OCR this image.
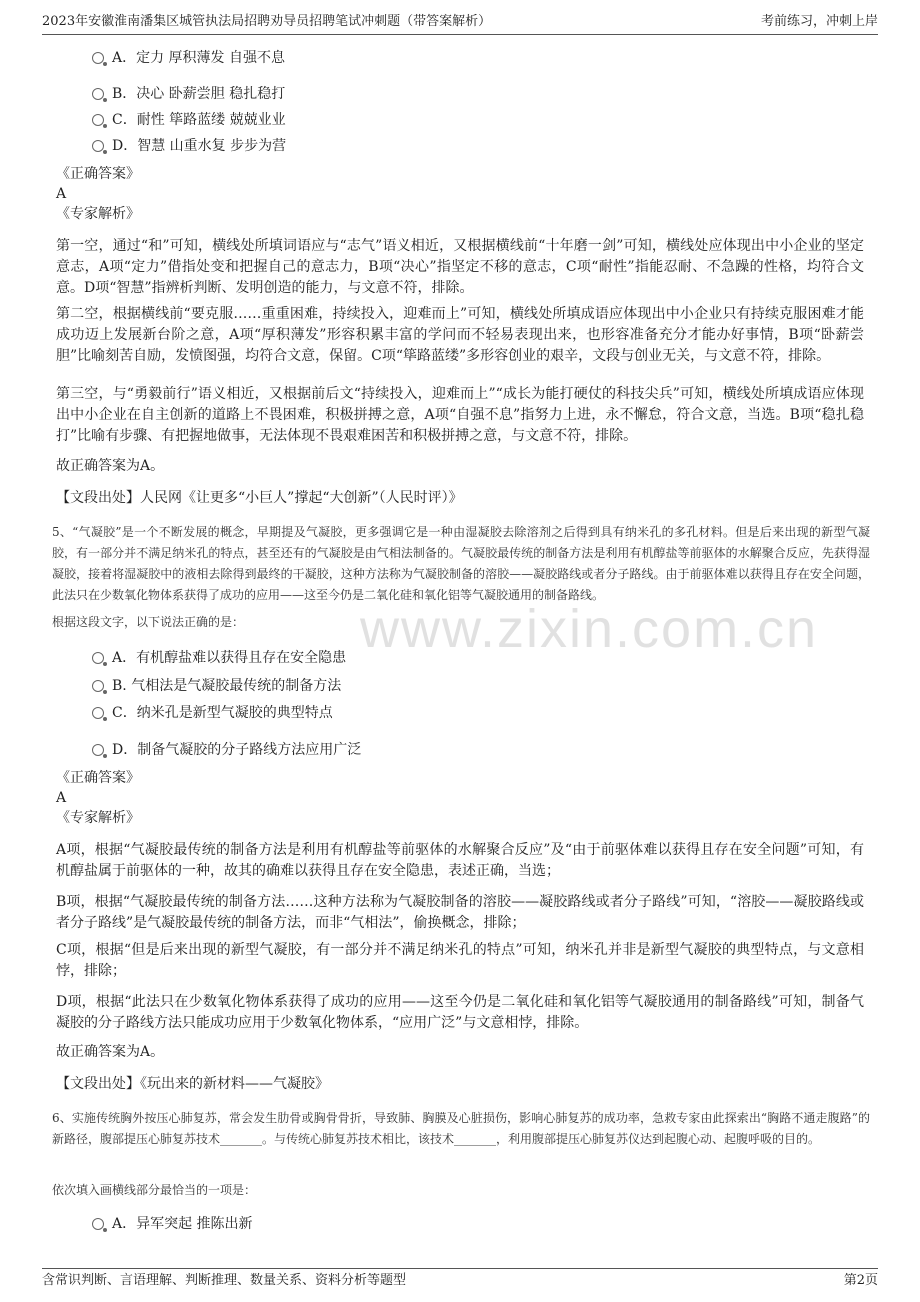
2023年安徽淮南潘集区城管执法局招聘劝导员招聘笔试冲刺题（带答案解析）	考前练习，冲刺上岸
www.zixin.com.cn
A．定力 厚积薄发 自强不息
B．决心 卧薪尝胆 稳扎稳打
C．耐性 筚路蓝缕 兢兢业业
D．智慧 山重水复 步步为营
《正确答案》
A
《专家解析》
第一空，通过“和”可知，横线处所填词语应与“志气”语义相近，又根据横线前“十年磨一剑”可知，横线处应体现出中小企业的坚定意志，A项“定力”借指处变和把握自己的意志力，B项“决心”指坚定不移的意志，C项“耐性”指能忍耐、不急躁的性格，均符合文意。D项“智慧”指辨析判断、发明创造的能力，与文意不符，排除。
第二空，根据横线前“要克服……重重困难，持续投入，迎难而上”可知，横线处所填成语应体现出中小企业只有持续克服困难才能成功迈上发展新台阶之意，A项“厚积薄发”形容积累丰富的学问而不轻易表现出来，也形容准备充分才能办好事情，B项“卧薪尝胆”比喻刻苦自励，发愤图强，均符合文意，保留。C项“筚路蓝缕”多形容创业的艰辛，文段与创业无关，与文意不符，排除。
第三空，与“勇毅前行”语义相近，又根据前后文“持续投入，迎难而上”“成长为能打硬仗的科技尖兵”可知，横线处所填成语应体现出中小企业在自主创新的道路上不畏困难，积极拼搏之意，A项“自强不息”指努力上进，永不懈怠，符合文意，当选。B项“稳扎稳打”比喻有步骤、有把握地做事，无法体现不畏艰难困苦和积极拼搏之意，与文意不符，排除。
故正确答案为A。
【文段出处】人民网《让更多“小巨人”撑起“大创新”（人民时评）》
5、“气凝胶”是一个不断发展的概念，早期提及气凝胶，更多强调它是一种由湿凝胶去除溶剂之后得到具有纳米孔的多孔材料。但是后来出现的新型气凝胶，有一部分并不满足纳米孔的特点，甚至还有的气凝胶是由气相法制备的。气凝胶最传统的制备方法是利用有机醇盐等前驱体的水解聚合反应，先获得湿凝胶，接着将湿凝胶中的液相去除得到最终的干凝胶，这种方法称为气凝胶制备的溶胶——凝胶路线或者分子路线。由于前驱体难以获得且存在安全问题，此法只在少数氧化物体系获得了成功的应用——这至今仍是二氧化硅和氧化铝等气凝胶通用的制备路线。
根据这段文字，以下说法正确的是：
A．有机醇盐难以获得且存在安全隐患
B. 气相法是气凝胶最传统的制备方法
C．纳米孔是新型气凝胶的典型特点
D．制备气凝胶的分子路线方法应用广泛
《正确答案》
A
《专家解析》
A项，根据“气凝胶最传统的制备方法是利用有机醇盐等前驱体的水解聚合反应”及“由于前驱体难以获得且存在安全问题”可知，有机醇盐属于前驱体的一种，故其的确难以获得且存在安全隐患，表述正确，当选；
B项，根据“气凝胶最传统的制备方法……这种方法称为气凝胶制备的溶胶——凝胶路线或者分子路线”可知，“溶胶——凝胶路线或者分子路线”是气凝胶最传统的制备方法，而非“气相法”，偷换概念，排除；
C项，根据“但是后来出现的新型气凝胶，有一部分并不满足纳米孔的特点”可知，纳米孔并非是新型气凝胶的典型特点，与文意相悖，排除；
D项，根据“此法只在少数氧化物体系获得了成功的应用——这至今仍是二氧化硅和氧化铝等气凝胶通用的制备路线”可知，制备气凝胶的分子路线方法只能成功应用于少数氧化物体系，“应用广泛”与文意相悖，排除。
故正确答案为A。
【文段出处】《玩出来的新材料——气凝胶》
6、实施传统胸外按压心肺复苏，常会发生肋骨或胸骨骨折，导致肺、胸膜及心脏损伤，影响心肺复苏的成功率，急救专家由此探索出“胸路不通走腹路”的新路径，腹部提压心肺复苏技术_______。与传统心肺复苏技术相比，该技术_______，利用腹部提压心肺复苏仪达到起腹心动、起腹呼吸的目的。
依次填入画横线部分最恰当的一项是：
A．异军突起 推陈出新
含常识判断、言语理解、判断推理、数量关系、资料分析等题型	第2页
